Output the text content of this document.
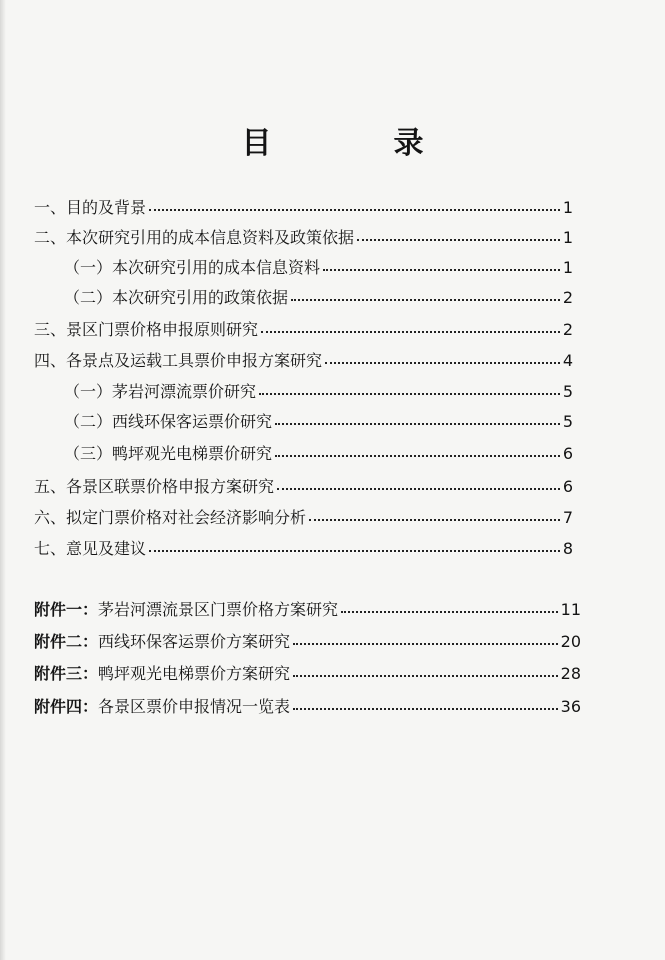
目　录
一、目的及背景	1
二、本次研究引用的成本信息资料及政策依据	1
（一）本次研究引用的成本信息资料	1
（二）本次研究引用的政策依据	2
三、景区门票价格申报原则研究	2
四、各景点及运载工具票价申报方案研究	4
（一）茅岩河漂流票价研究	5
（二）西线环保客运票价研究	5
（三）鸭坪观光电梯票价研究	6
五、各景区联票价格申报方案研究	6
六、拟定门票价格对社会经济影响分析	7
七、意见及建议	8
附件一：茅岩河漂流景区门票价格方案研究	11
附件二：西线环保客运票价方案研究	20
附件三：鸭坪观光电梯票价方案研究	28
附件四：各景区票价申报情况一览表	36
